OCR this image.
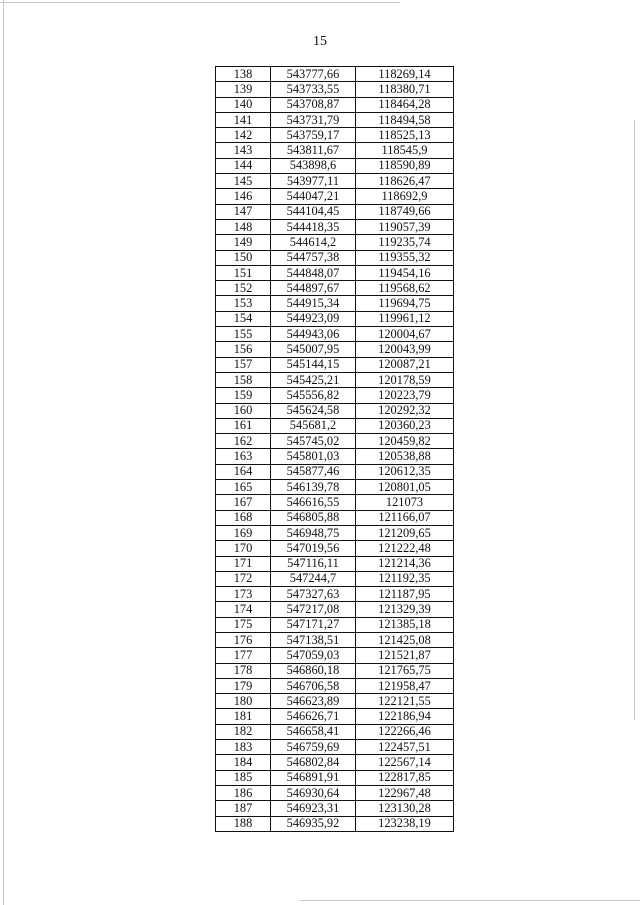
15
138	543777,66	118269,14
139	543733,55	118380,71
140	543708,87	118464,28
141	543731,79	118494,58
142	543759,17	118525,13
143	543811,67	118545,9
144	543898,6	118590,89
145	543977,11	118626,47
146	544047,21	118692,9
147	544104,45	118749,66
148	544418,35	119057,39
149	544614,2	119235,74
150	544757,38	119355,32
151	544848,07	119454,16
152	544897,67	119568,62
153	544915,34	119694,75
154	544923,09	119961,12
155	544943,06	120004,67
156	545007,95	120043,99
157	545144,15	120087,21
158	545425,21	120178,59
159	545556,82	120223,79
160	545624,58	120292,32
161	545681,2	120360,23
162	545745,02	120459,82
163	545801,03	120538,88
164	545877,46	120612,35
165	546139,78	120801,05
167	546616,55	121073
168	546805,88	121166,07
169	546948,75	121209,65
170	547019,56	121222,48
171	547116,11	121214,36
172	547244,7	121192,35
173	547327,63	121187,95
174	547217,08	121329,39
175	547171,27	121385,18
176	547138,51	121425,08
177	547059,03	121521,87
178	546860,18	121765,75
179	546706,58	121958,47
180	546623,89	122121,55
181	546626,71	122186,94
182	546658,41	122266,46
183	546759,69	122457,51
184	546802,84	122567,14
185	546891,91	122817,85
186	546930,64	122967,48
187	546923,31	123130,28
188	546935,92	123238,19
